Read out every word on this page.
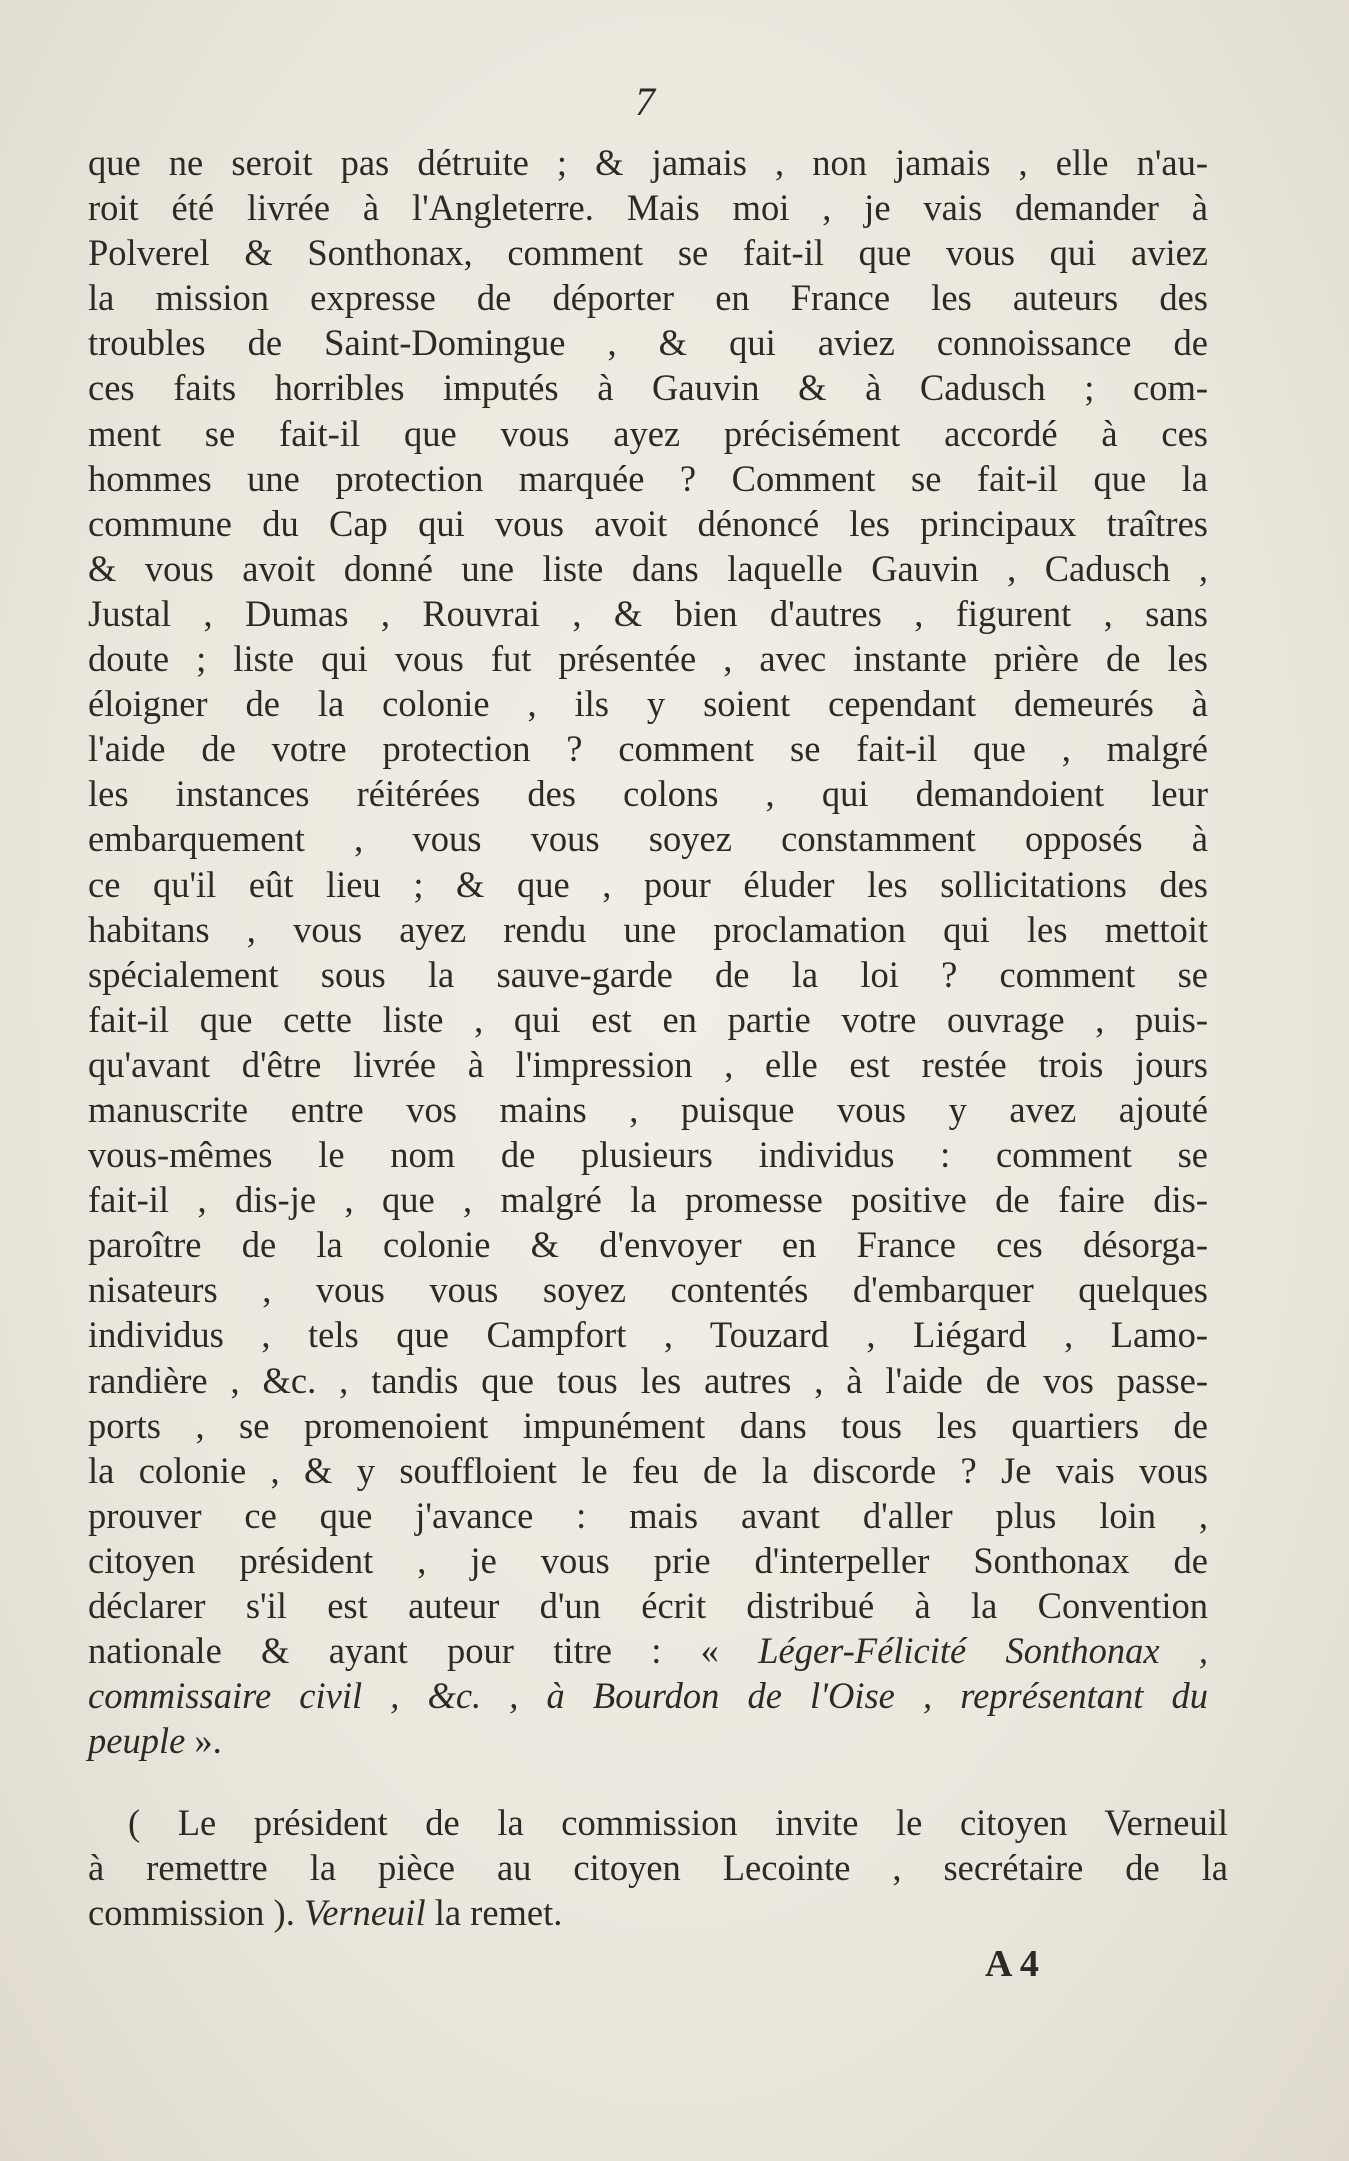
7
que ne seroit pas détruite ; & jamais , non jamais , elle n'au-
roit été livrée à l'Angleterre. Mais moi , je vais demander à
Polverel & Sonthonax, comment se fait-il que vous qui aviez
la mission expresse de déporter en France les auteurs des
troubles de Saint-Domingue , & qui aviez connoissance de
ces faits horribles imputés à Gauvin & à Cadusch ; com-
ment se fait-il que vous ayez précisément accordé à ces
hommes une protection marquée ? Comment se fait-il que la
commune du Cap qui vous avoit dénoncé les principaux traîtres
& vous avoit donné une liste dans laquelle Gauvin , Cadusch ,
Justal , Dumas , Rouvrai , & bien d'autres , figurent , sans
doute ; liste qui vous fut présentée , avec instante prière de les
éloigner de la colonie , ils y soient cependant demeurés à
l'aide de votre protection ? comment se fait-il que , malgré
les instances réitérées des colons , qui demandoient leur
embarquement , vous vous soyez constamment opposés à
ce qu'il eût lieu ; & que , pour éluder les sollicitations des
habitans , vous ayez rendu une proclamation qui les mettoit
spécialement sous la sauve-garde de la loi ? comment se
fait-il que cette liste , qui est en partie votre ouvrage , puis-
qu'avant d'être livrée à l'impression , elle est restée trois jours
manuscrite entre vos mains , puisque vous y avez ajouté
vous-mêmes le nom de plusieurs individus : comment se
fait-il , dis-je , que , malgré la promesse positive de faire dis-
paroître de la colonie & d'envoyer en France ces désorga-
nisateurs , vous vous soyez contentés d'embarquer quelques
individus , tels que Campfort , Touzard , Liégard , Lamo-
randière , &c. , tandis que tous les autres , à l'aide de vos passe-
ports , se promenoient impunément dans tous les quartiers de
la colonie , & y souffloient le feu de la discorde ? Je vais vous
prouver ce que j'avance : mais avant d'aller plus loin ,
citoyen président , je vous prie d'interpeller Sonthonax de
déclarer s'il est auteur d'un écrit distribué à la Convention
nationale & ayant pour titre : « Léger-Félicité Sonthonax ,
commissaire civil , &c. , à Bourdon de l'Oise , représentant du
peuple ».
( Le président de la commission invite le citoyen Verneuil
à remettre la pièce au citoyen Lecointe , secrétaire de la
commission ). Verneuil la remet.
A 4
